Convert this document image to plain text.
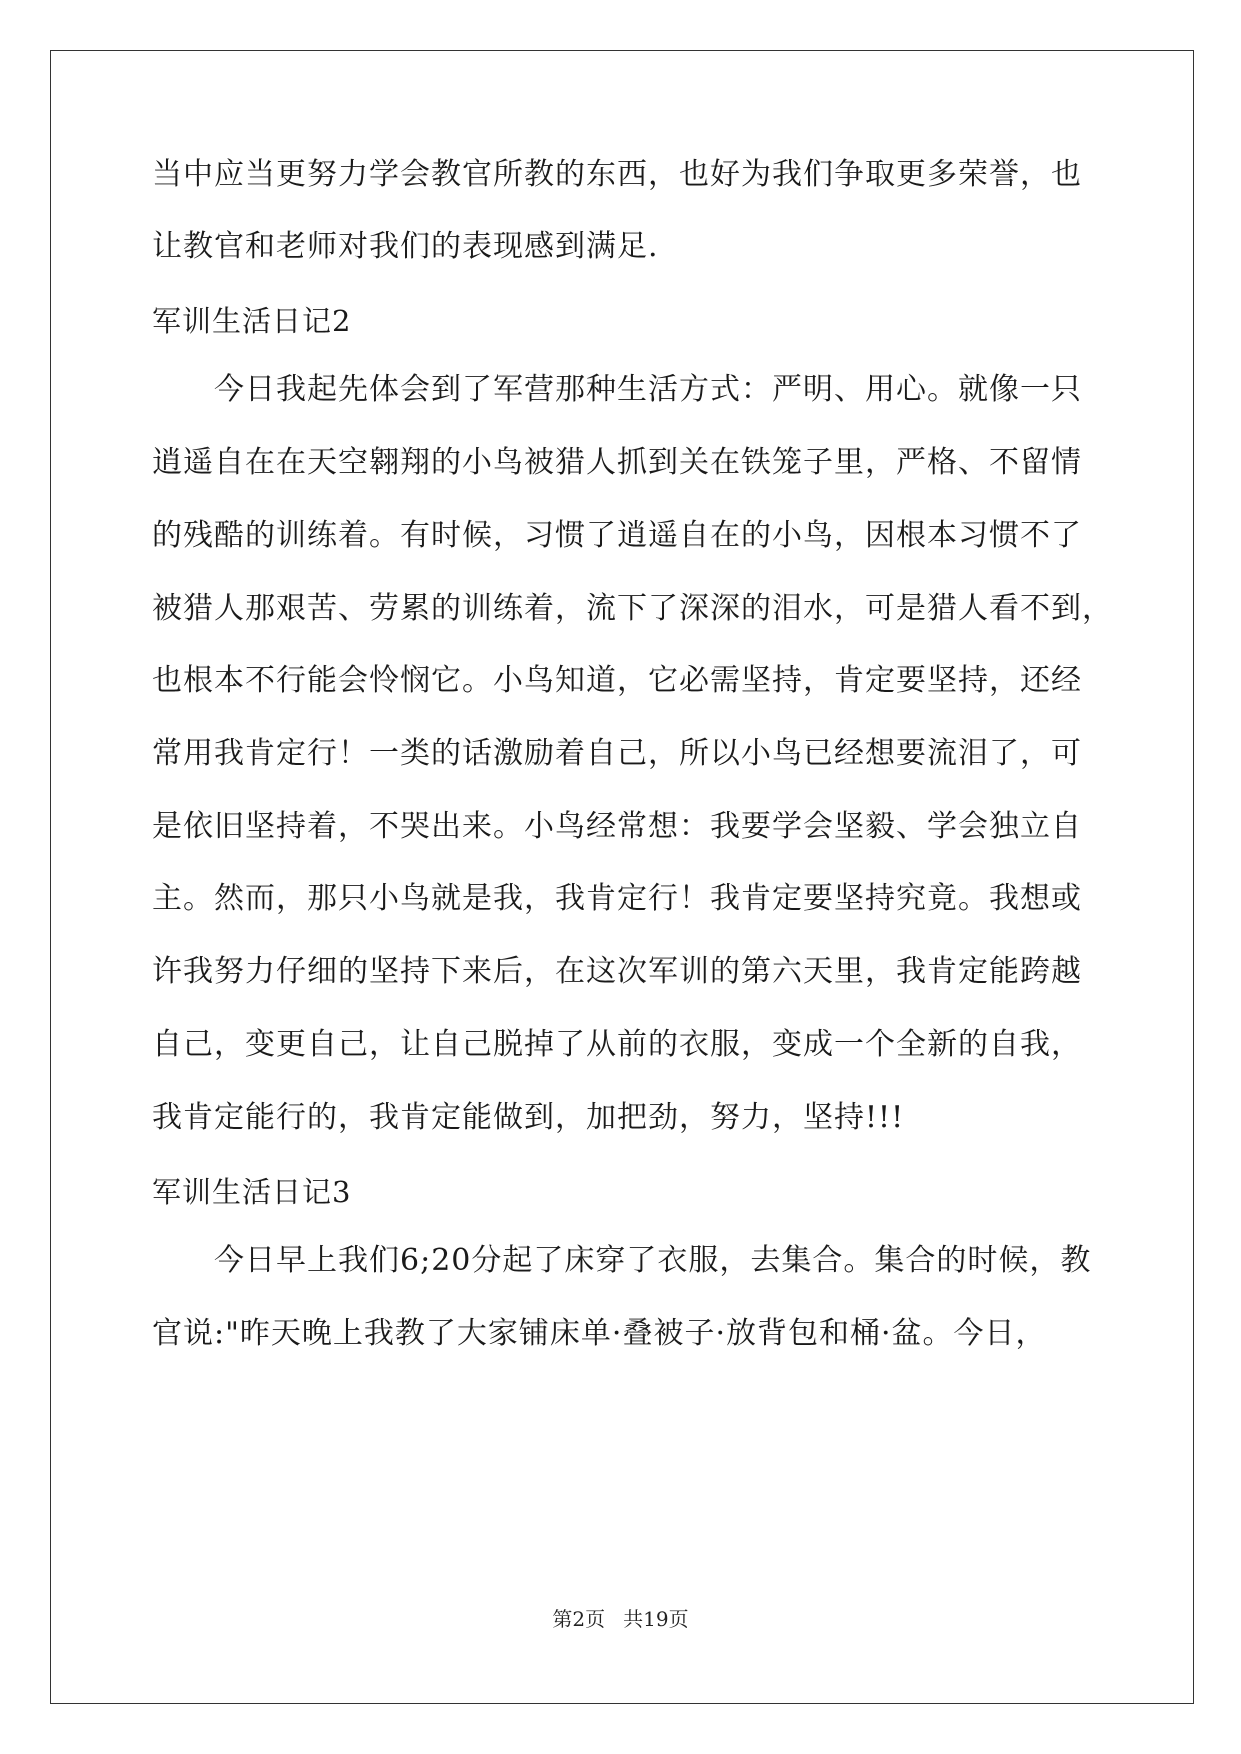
当中应当更努力学会教官所教的东西，也好为我们争取更多荣誉，也
让教官和老师对我们的表现感到满足.
军训生活日记2
今日我起先体会到了军营那种生活方式：严明、用心。就像一只
逍遥自在在天空翱翔的小鸟被猎人抓到关在铁笼子里，严格、不留情
的残酷的训练着。有时候，习惯了逍遥自在的小鸟，因根本习惯不了
被猎人那艰苦、劳累的训练着，流下了深深的泪水，可是猎人看不到，
也根本不行能会怜悯它。小鸟知道，它必需坚持，肯定要坚持，还经
常用我肯定行！一类的话激励着自己，所以小鸟已经想要流泪了，可
是依旧坚持着，不哭出来。小鸟经常想：我要学会坚毅、学会独立自
主。然而，那只小鸟就是我，我肯定行！我肯定要坚持究竟。我想或
许我努力仔细的坚持下来后，在这次军训的第六天里，我肯定能跨越
自己，变更自己，让自己脱掉了从前的衣服，变成一个全新的自我，
我肯定能行的，我肯定能做到，加把劲，努力，坚持!!!
军训生活日记3
今日早上我们6;20分起了床穿了衣服，去集合。集合的时候，教
官说:"昨天晚上我教了大家铺床单·叠被子·放背包和桶·盆。今日，
第2页 共19页
